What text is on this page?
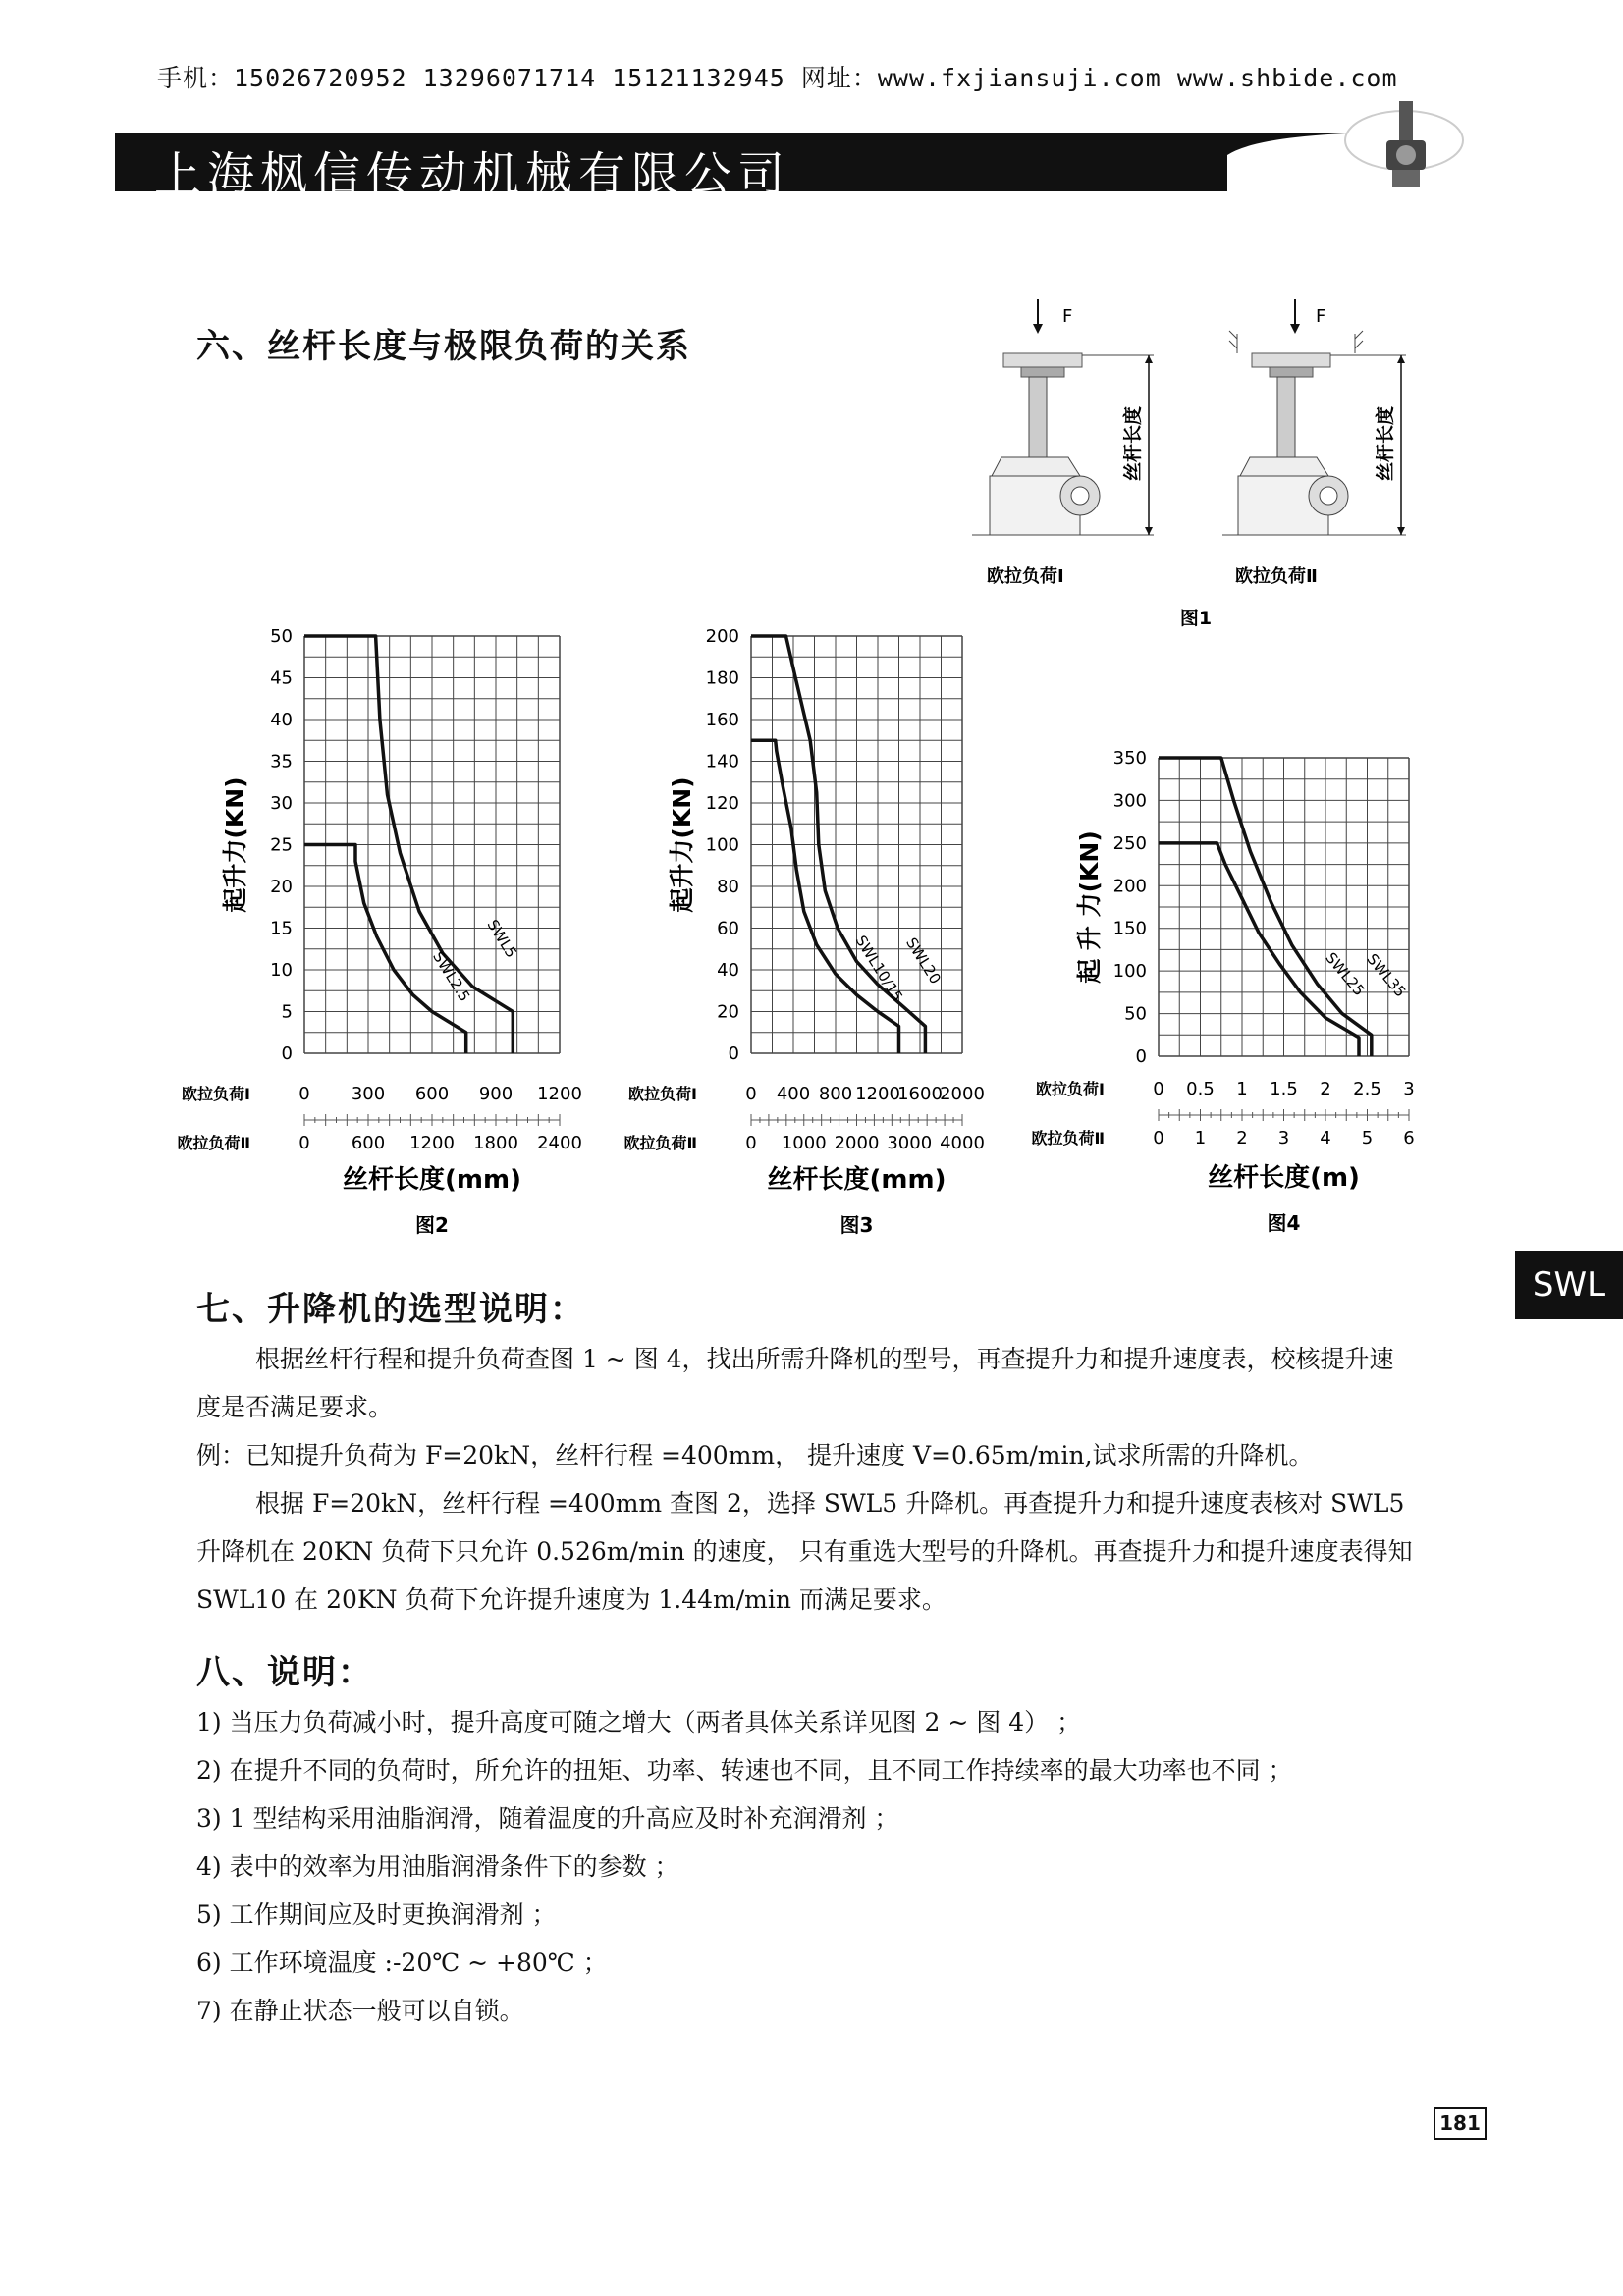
手机：15026720952 13296071714 15121132945 网址：www.fxjiansuji.com www.shbide.com
上海枫信传动机械有限公司
SWL蜗轮丝杆升降机
SWL Worm screw jack
六、丝杆长度与极限负荷的关系
F
丝杆长度
欧拉负荷Ⅰ
F
丝杆长度
欧拉负荷Ⅱ
图1
0
5
10
15
20
25
30
35
40
45
50
起升力(KN)
欧拉负荷Ⅰ	0 300 600 900 1200
欧拉负荷Ⅱ	0 600 1200 1800 2400
丝杆长度(mm)
图2
SWL5
SWL2.5
0
20
40
60
80
100
120
140
160
180
200
起升力(KN)
欧拉负荷Ⅰ	0 400 800 1200
1600
2000
欧拉负荷Ⅱ	0 1000 2000 3000 4000
丝杆长度(mm)
图3
SWL20
SWL10/15
0
50
100
150
200
250
300
350
起 升 力(KN)
欧拉负荷Ⅰ	0 0.5 1 1.5 2 2.5 3
欧拉负荷Ⅱ	0 1 2 3 4 5 6
丝杆长度(m)
图4
SWL35
SWL25
七、升降机的选型说明：
根据丝杆行程和提升负荷查图 1 ~ 图 4，找出所需升降机的型号，再查提升力和提升速度表，校核提升速度是否满足要求。
例：已知提升负荷为 F=20kN，丝杆行程 =400mm， 提升速度 V=0.65m/min,试求所需的升降机。
根据 F=20kN，丝杆行程 =400mm 查图 2，选择 SWL5 升降机。再查提升力和提升速度表核对 SWL5 升降机在 20KN 负荷下只允许 0.526m/min 的速度， 只有重选大型号的升降机。再查提升力和提升速度表得知 SWL10 在 20KN 负荷下允许提升速度为 1.44m/min 而满足要求。
八、说明：
1) 当压力负荷减小时，提升高度可随之增大（两者具体关系详见图 2 ~ 图 4） ；
2) 在提升不同的负荷时，所允许的扭矩、功率、转速也不同，且不同工作持续率的最大功率也不同 ；
3) 1 型结构采用油脂润滑，随着温度的升高应及时补充润滑剂 ；
4) 表中的效率为用油脂润滑条件下的参数 ；
5) 工作期间应及时更换润滑剂 ；
6) 工作环境温度 :-20℃ ~ +80℃ ；
7) 在静止状态一般可以自锁。
SWL
181
